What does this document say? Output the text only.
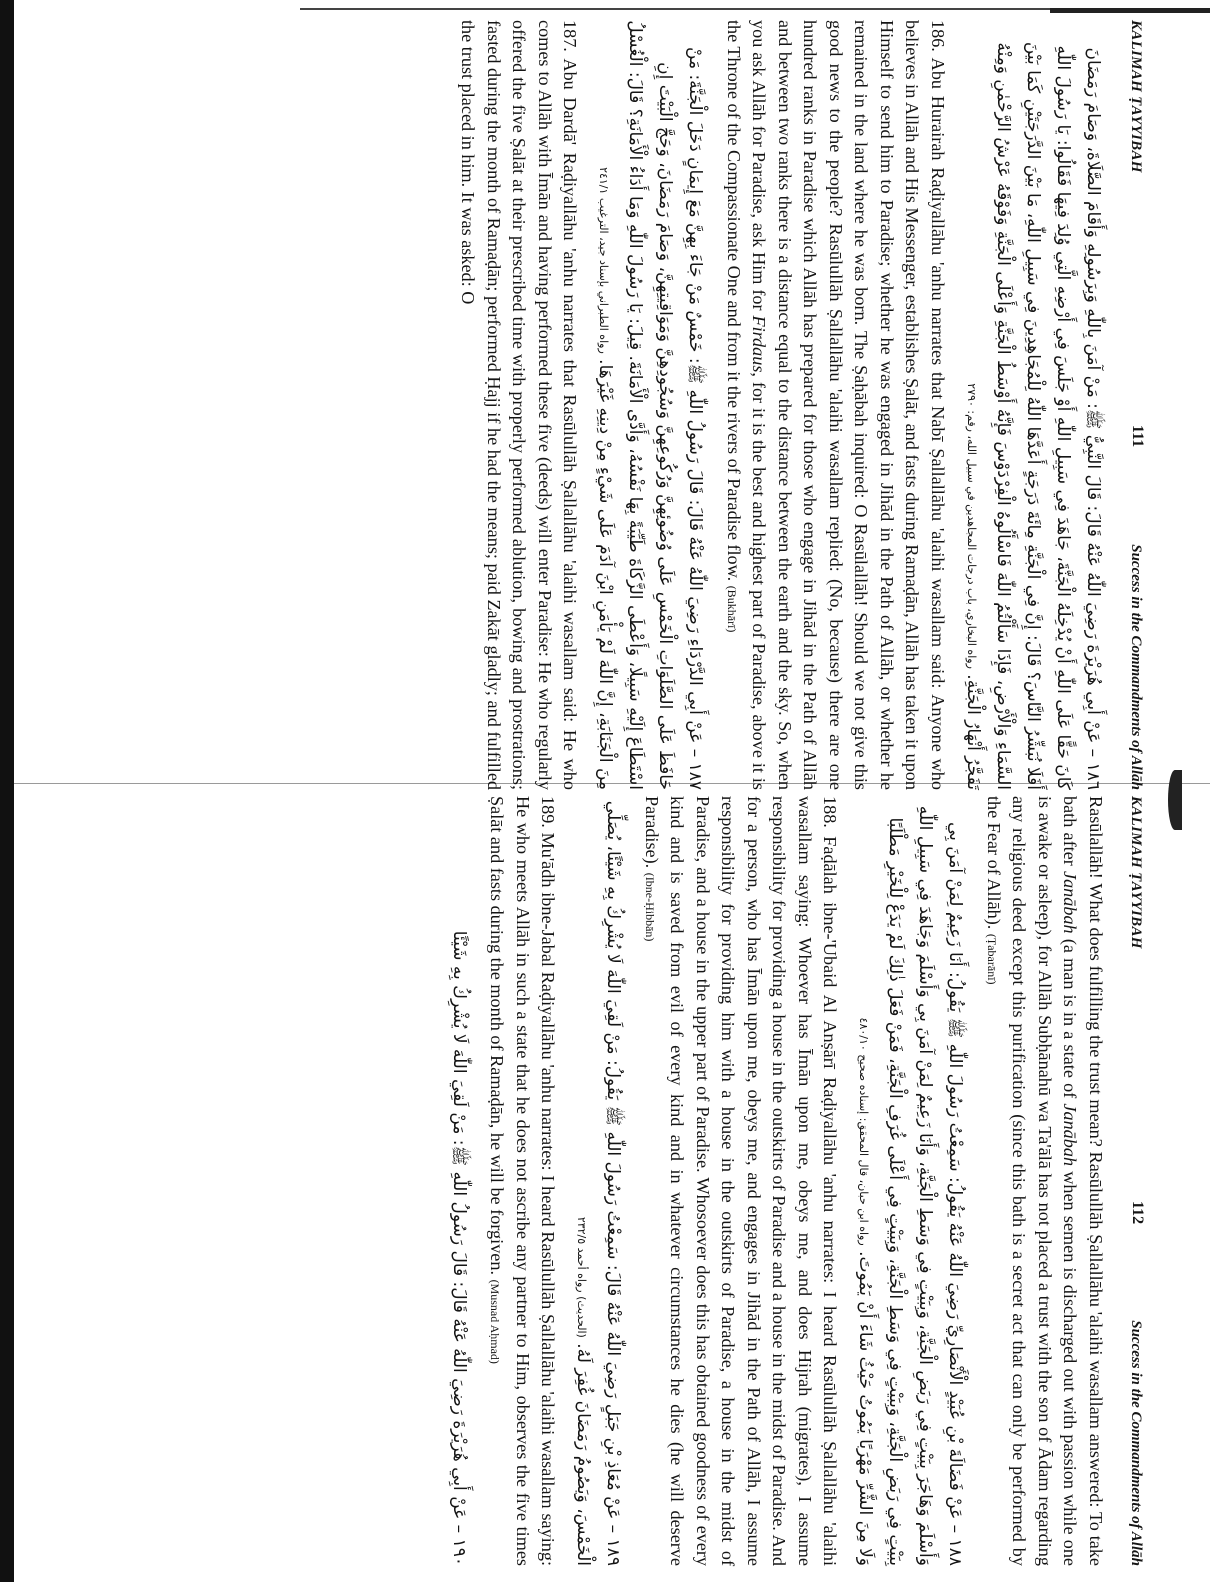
KALIMAH ṬAYYIBAH
111
Success in the Commandments of Allāh

١٨٦ – عَنْ أَبِي هُرَيْرَةَ رَضِيَ اللّٰهُ عَنْهُ قَالَ: قَالَ النَّبِيُّ ﷺ: مَنْ آمَنَ بِاللّٰهِ وَبِرَسُولِهِ وَأَقَامَ الصَّلَاةَ، وَصَامَ رَمَضَانَ كَانَ حَقًّا عَلَى اللّٰهِ أَنْ يُدْخِلَهُ الْجَنَّةَ، جَاهَدَ فِي سَبِيلِ اللّٰهِ أَوْ جَلَسَ فِي أَرْضِهِ الَّتِي وُلِدَ فِيهَا فَقَالُوا: يَا رَسُولَ اللّٰهِ أَفَلَا نُبَشِّرُ النَّاسَ؟ قَالَ: إِنَّ فِي الْجَنَّةِ مِائَةَ دَرَجَةٍ أَعَدَّهَا اللّٰهُ لِلْمُجَاهِدِينَ فِي سَبِيلِ اللّٰهِ، مَا بَيْنَ الدَّرَجَتَيْنِ كَمَا بَيْنَ السَّمَاءِ وَالْأَرْضِ، فَإِذَا سَأَلْتُمُ اللّٰهَ فَاسْأَلُوهُ الْفِرْدَوْسَ فَإِنَّهُ أَوْسَطُ الْجَنَّةِ وَأَعْلَى الْجَنَّةِ وَفَوْقَهُ عَرْشُ الرَّحْمٰنِ وَمِنْهُ تَفَجَّرُ أَنْهَارُ الْجَنَّةِ. رواه البخاري، باب درجات المجاهدين في سبيل الله، رقم: ٢٧٩٠

186. Abu Hurairah Raḍiyallāhu 'anhu narrates that Nabī Ṣallallāhu 'alaihi wasallam said: Anyone who believes in Allāh and His Messenger, establishes Ṣalāt, and fasts during Ramaḍān, Allāh has taken it upon Himself to send him to Paradise; whether he was engaged in Jihād in the Path of Allāh, or whether he remained in the land where he was born. The Ṣaḥābah inquired: O Rasūlallāh! Should we not give this good news to the people? Rasūlullāh Ṣallallāhu 'alaihi wasallam replied: (No, because) there are one hundred ranks in Paradise which Allāh has prepared for those who engage in Jihād in the Path of Allāh and between two ranks there is a distance equal to the distance between the earth and the sky. So, when you ask Allāh for Paradise, ask Him for Firdaus, for it is the best and highest part of Paradise, above it is the Throne of the Compassionate One and from it the rivers of Paradise flow. (Bukhārī)

١٨٧ – عَنْ أَبِي الدَّرْدَاءِ رَضِيَ اللّٰهُ عَنْهُ قَالَ: قَالَ رَسُولُ اللّٰهِ ﷺ: خَمْسٌ مَنْ جَاءَ بِهِنَّ مَعَ إِيمَانٍ دَخَلَ الْجَنَّةَ: مَنْ حَافَظَ عَلَى الصَّلَوَاتِ الْخَمْسِ عَلَى وُضُوئِهِنَّ وَرُكُوعِهِنَّ وَسُجُودِهِنَّ وَمَوَاقِيتِهِنَّ، وَصَامَ رَمَضَانَ، وَحَجَّ الْبَيْتَ إِنِ اسْتَطَاعَ إِلَيْهِ سَبِيلًا، وَأَعْطَى الزَّكَاةَ طَيِّبَةً بِهَا نَفْسُهُ، وَأَدَّى الْأَمَانَةَ. قِيلَ: يَا رَسُولَ اللّٰهِ وَمَا أَدَاءُ الْأَمَانَةِ؟ قَالَ: الْغُسْلُ مِنَ الْجَنَابَةِ، إِنَّ اللّٰهَ لَمْ يَأْمَنِ ابْنَ آدَمَ عَلَى شَيْءٍ مِنْ دِينِهِ غَيْرَهَا. رواه الطبراني بإسناد جيد، الترغيب ٢٤١/١

187. Abu Dardā' Raḍiyallāhu 'anhu narrates that Rasūlullāh Ṣallallāhu 'alaihi wasallam said: He who comes to Allāh with Īmān and having performed these five (deeds) will enter Paradise: He who regularly offered the five Ṣalāt at their prescribed time with properly performed ablution, bowing and prostrations; fasted during the month of Ramaḍān; performed Ḥajj if he had the means; paid Zakāt gladly; and fulfilled the trust placed in him. It was asked: O

KALIMAH ṬAYYIBAH
112
Success in the Commandments of Allāh

Rasūlallāh! What does fulfilling the trust mean? Rasūlullāh Ṣallallāhu 'alaihi wasallam answered: To take bath after Janābah (a man is in a state of Janābah when semen is discharged out with passion while one is awake or asleep), for Allāh Subḥānahū wa Ta'ālā has not placed a trust with the son of Ādam regarding any religious deed except this purification (since this bath is a secret act that can only be performed by the Fear of Allāh). (Ṭabarānī)

١٨٨ – عَنْ فَضَالَةَ بْنِ عُبَيْدٍ الْأَنْصَارِيِّ رَضِيَ اللّٰهُ عَنْهُ يَقُولُ: سَمِعْتُ رَسُولَ اللّٰهِ ﷺ يَقُولُ: أَنَا زَعِيمٌ لِمَنْ آمَنَ بِي وَأَسْلَمَ وَهَاجَرَ بِبَيْتٍ فِي رَبَضِ الْجَنَّةِ، وَبِبَيْتٍ فِي وَسَطِ الْجَنَّةِ، وَأَنَا زَعِيمٌ لِمَنْ آمَنَ بِي وَأَسْلَمَ وَجَاهَدَ فِي سَبِيلِ اللّٰهِ بِبَيْتٍ فِي رَبَضِ الْجَنَّةِ، وَبِبَيْتٍ فِي وَسَطِ الْجَنَّةِ، وَبِبَيْتٍ فِي أَعْلَى غُرَفِ الْجَنَّةِ، فَمَنْ فَعَلَ ذٰلِكَ لَمْ يَدَعْ لِلْخَيْرِ مَطْلَبًا وَلَا مِنَ الشَّرِّ مَهْرَبًا يَمُوتُ حَيْثُ شَاءَ أَنْ يَمُوتَ. رواه ابن حبان، قال المحقق: إسناده صحيح ٤٨٠/١٠

188. Faḍālah ibne-'Ubaid Al Anṣārī Raḍiyallāhu 'anhu narrates: I heard Rasūlullāh Ṣallallāhu 'alaihi wasallam saying: Whoever has Īmān upon me, obeys me, and does Hijrah (migrates), I assume responsibility for providing a house in the outskirts of Paradise and a house in the midst of Paradise. And for a person, who has Īmān upon me, obeys me, and engages in Jihād in the Path of Allāh, I assume responsibility for providing him with a house in the outskirts of Paradise, a house in the midst of Paradise, and a house in the upper part of Paradise. Whosoever does this has obtained goodness of every kind and is saved from evil of every kind and in whatever circumstances he dies (he will deserve Paradise). (Ibne-Ḥibbān)

١٨٩ – عَنْ مُعَاذِ بْنِ جَبَلٍ رَضِيَ اللّٰهُ عَنْهُ قَالَ: سَمِعْتُ رَسُولَ اللّٰهِ ﷺ يَقُولُ: مَنْ لَقِيَ اللّٰهَ لَا يُشْرِكُ بِهِ شَيْئًا، يُصَلِّي الْخَمْسَ، وَيَصُومُ رَمَضَانَ غُفِرَ لَهُ. (الحديث) رواه أحمد ٢٣٢/٥

189. Mu'ādh ibne-Jabal Raḍiyallāhu 'anhu narrates: I heard Rasūlullāh Ṣallallāhu 'alaihi wasallam saying: He who meets Allāh in such a state that he does not ascribe any partner to Him, observes the five times Ṣalāt and fasts during the month of Ramaḍān, he will be forgiven. (Musnad Aḥmad)

١٩٠ – عَنْ أَبِي هُرَيْرَةَ رَضِيَ اللّٰهُ عَنْهُ قَالَ: قَالَ رَسُولُ اللّٰهِ ﷺ: مَنْ لَقِيَ اللّٰهَ لَا يُشْرِكُ بِهِ شَيْئًا
